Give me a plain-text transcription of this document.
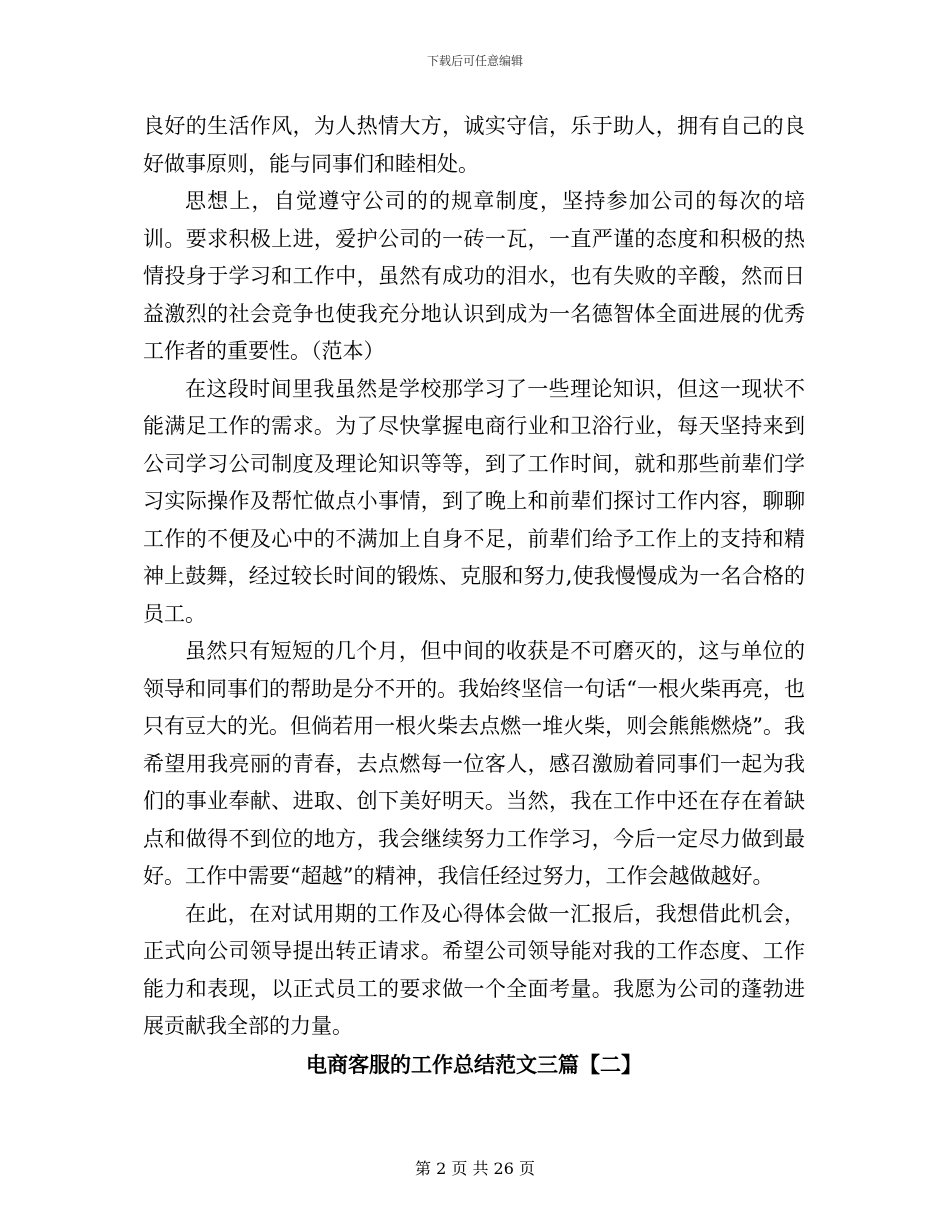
下载后可任意编辑

良好的生活作风，为人热情大方，诚实守信，乐于助人，拥有自己的良好做事原则，能与同事们和睦相处。

思想上，自觉遵守公司的的规章制度，坚持参加公司的每次的培训。要求积极上进，爱护公司的一砖一瓦，一直严谨的态度和积极的热情投身于学习和工作中，虽然有成功的泪水，也有失败的辛酸，然而日益激烈的社会竞争也使我充分地认识到成为一名德智体全面进展的优秀工作者的重要性。（范本）

在这段时间里我虽然是学校那学习了一些理论知识，但这一现状不能满足工作的需求。为了尽快掌握电商行业和卫浴行业，每天坚持来到公司学习公司制度及理论知识等等，到了工作时间，就和那些前辈们学习实际操作及帮忙做点小事情，到了晚上和前辈们探讨工作内容，聊聊工作的不便及心中的不满加上自身不足，前辈们给予工作上的支持和精神上鼓舞，经过较长时间的锻炼、克服和努力,使我慢慢成为一名合格的员工。

虽然只有短短的几个月，但中间的收获是不可磨灭的，这与单位的领导和同事们的帮助是分不开的。我始终坚信一句话“一根火柴再亮，也只有豆大的光。但倘若用一根火柴去点燃一堆火柴，则会熊熊燃烧”。我希望用我亮丽的青春，去点燃每一位客人，感召激励着同事们一起为我们的事业奉献、进取、创下美好明天。当然，我在工作中还在存在着缺点和做得不到位的地方，我会继续努力工作学习，今后一定尽力做到最好。工作中需要“超越”的精神，我信任经过努力，工作会越做越好。

在此，在对试用期的工作及心得体会做一汇报后，我想借此机会，正式向公司领导提出转正请求。希望公司领导能对我的工作态度、工作能力和表现，以正式员工的要求做一个全面考量。我愿为公司的蓬勃进展贡献我全部的力量。

电商客服的工作总结范文三篇【二】

第 2 页 共 26 页
